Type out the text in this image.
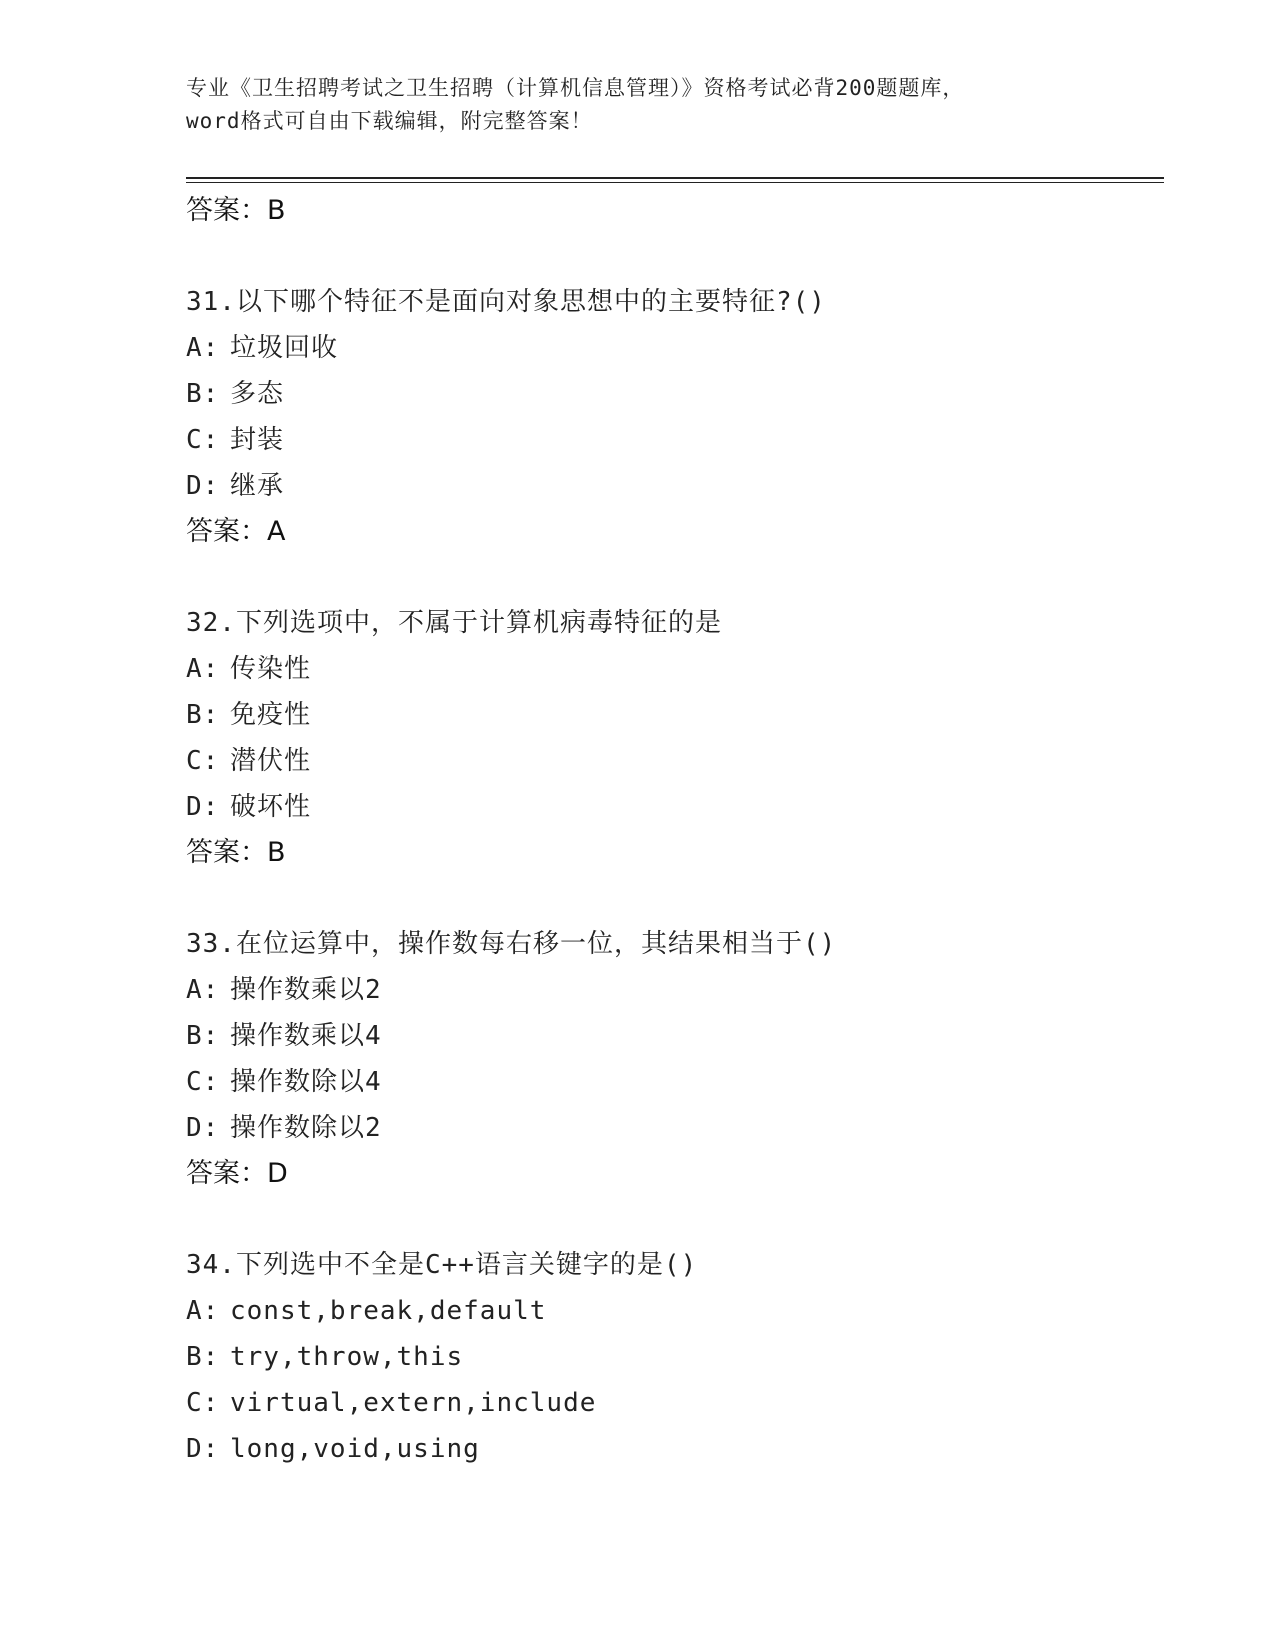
专业《卫生招聘考试之卫生招聘（计算机信息管理）》资格考试必背200题题库，
word格式可自由下载编辑，附完整答案！
答案：B
31.以下哪个特征不是面向对象思想中的主要特征?()
A: 垃圾回收
B: 多态
C: 封装
D: 继承
答案：A
32.下列选项中，不属于计算机病毒特征的是
A: 传染性
B: 免疫性
C: 潜伏性
D: 破坏性
答案：B
33.在位运算中，操作数每右移一位，其结果相当于()
A: 操作数乘以2
B: 操作数乘以4
C: 操作数除以4
D: 操作数除以2
答案：D
34.下列选中不全是C++语言关键字的是()
A: const,break,default
B: try,throw,this
C: virtual,extern,include
D: long,void,using
